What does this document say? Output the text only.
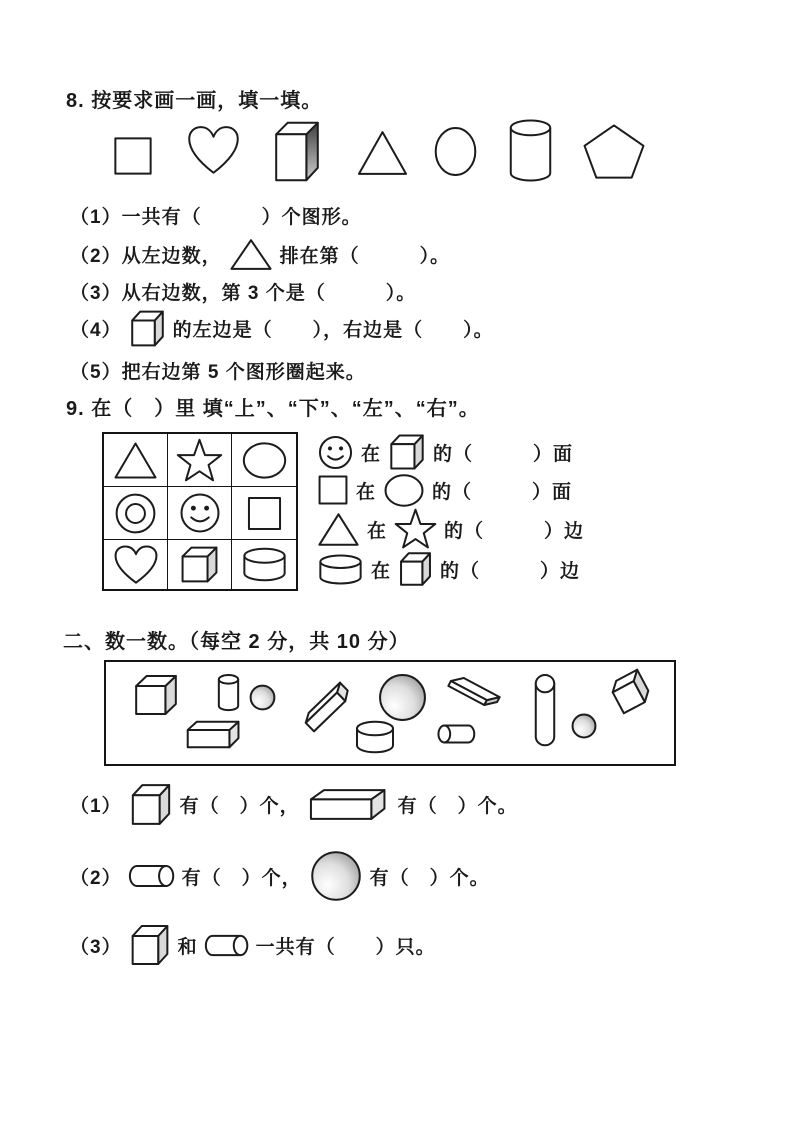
8. 按要求画一画，填一填。
（1）一共有（　　　）个图形。
（2）从左边数，	排在第（　　　）。
（3）从右边数，第 3 个是（　　　）。
（4）	的左边是（　　），右边是（　　）。
（5）把右边第 5 个图形圈起来。
9. 在（　）里 填“上”、“下”、“左”、“右”。
在	的（　　　）面
在	的（　　　）面
在	的（　　　）边
在	的（　　　）边
二、数一数。（每空 2 分，共 10 分）
（1）	有（　）个，	有（　）个。
（2）	有（　）个，	有（　）个。
（3）	和	一共有（　　）只。
